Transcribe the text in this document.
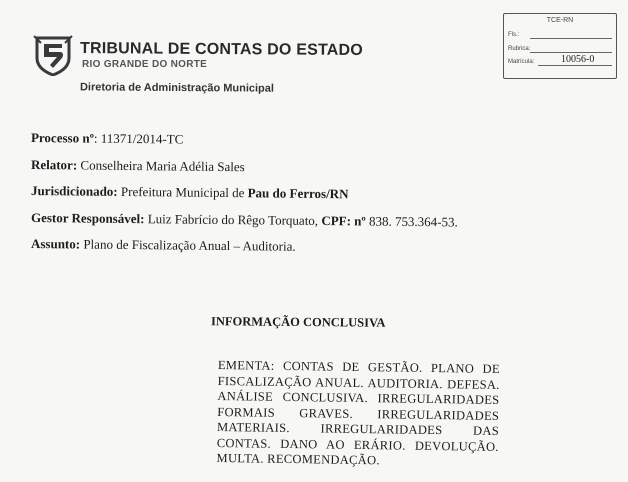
TRIBUNAL DE CONTAS DO ESTADO
RIO GRANDE DO NORTE
Diretoria de Administração Municipal
TCE-RN
Fls.:
Rubrica:
Matrícula:	10056-0
Processo nº: 11371/2014-TC
Relator: Conselheira Maria Adélia Sales
Jurisdicionado: Prefeitura Municipal de Pau do Ferros/RN
Gestor Responsável: Luiz Fabrício do Rêgo Torquato, CPF: nº 838. 753.364-53.
Assunto: Plano de Fiscalização Anual – Auditoria.
INFORMAÇÃO CONCLUSIVA
EMENTA: CONTAS DE GESTÃO. PLANO DE FISCALIZAÇÃO ANUAL. AUDITORIA. DEFESA. ANÁLISE CONCLUSIVA. IRREGULARIDADES FORMAIS GRAVES. IRREGULARIDADES MATERIAIS. IRREGULARIDADES DAS CONTAS. DANO AO ERÁRIO. DEVOLUÇÃO. MULTA. RECOMENDAÇÃO.
